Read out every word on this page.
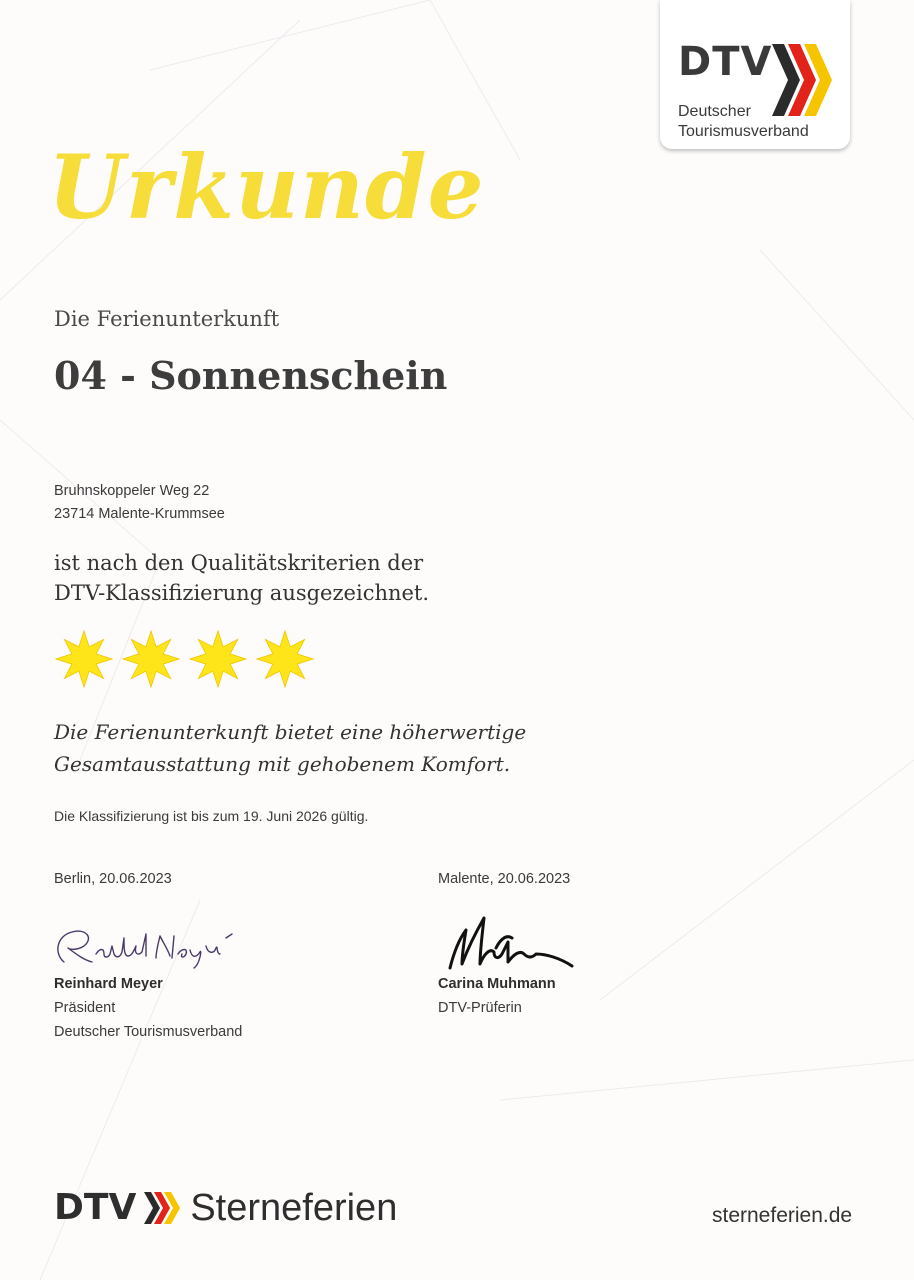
DTV
Deutscher
Tourismusverband
Urkunde

Die Ferienunterkunft

04 - Sonnenschein

Bruhnskoppeler Weg 22
23714 Malente-Krummsee
ist nach den Qualitätskriterien der
DTV-Klassifizierung ausgezeichnet.
Die Ferienunterkunft bietet eine höherwertige
Gesamtausstattung mit gehobenem Komfort.

Die Klassifizierung ist bis zum 19. Juni 2026 gültig.

Berlin, 20.06.2023

Reinhard Meyer

Präsident
Deutscher Tourismusverband

Malente, 20.06.2023

Carina Muhmann

DTV-Prüferin
DTV Sterneferien	sterneferien.de
